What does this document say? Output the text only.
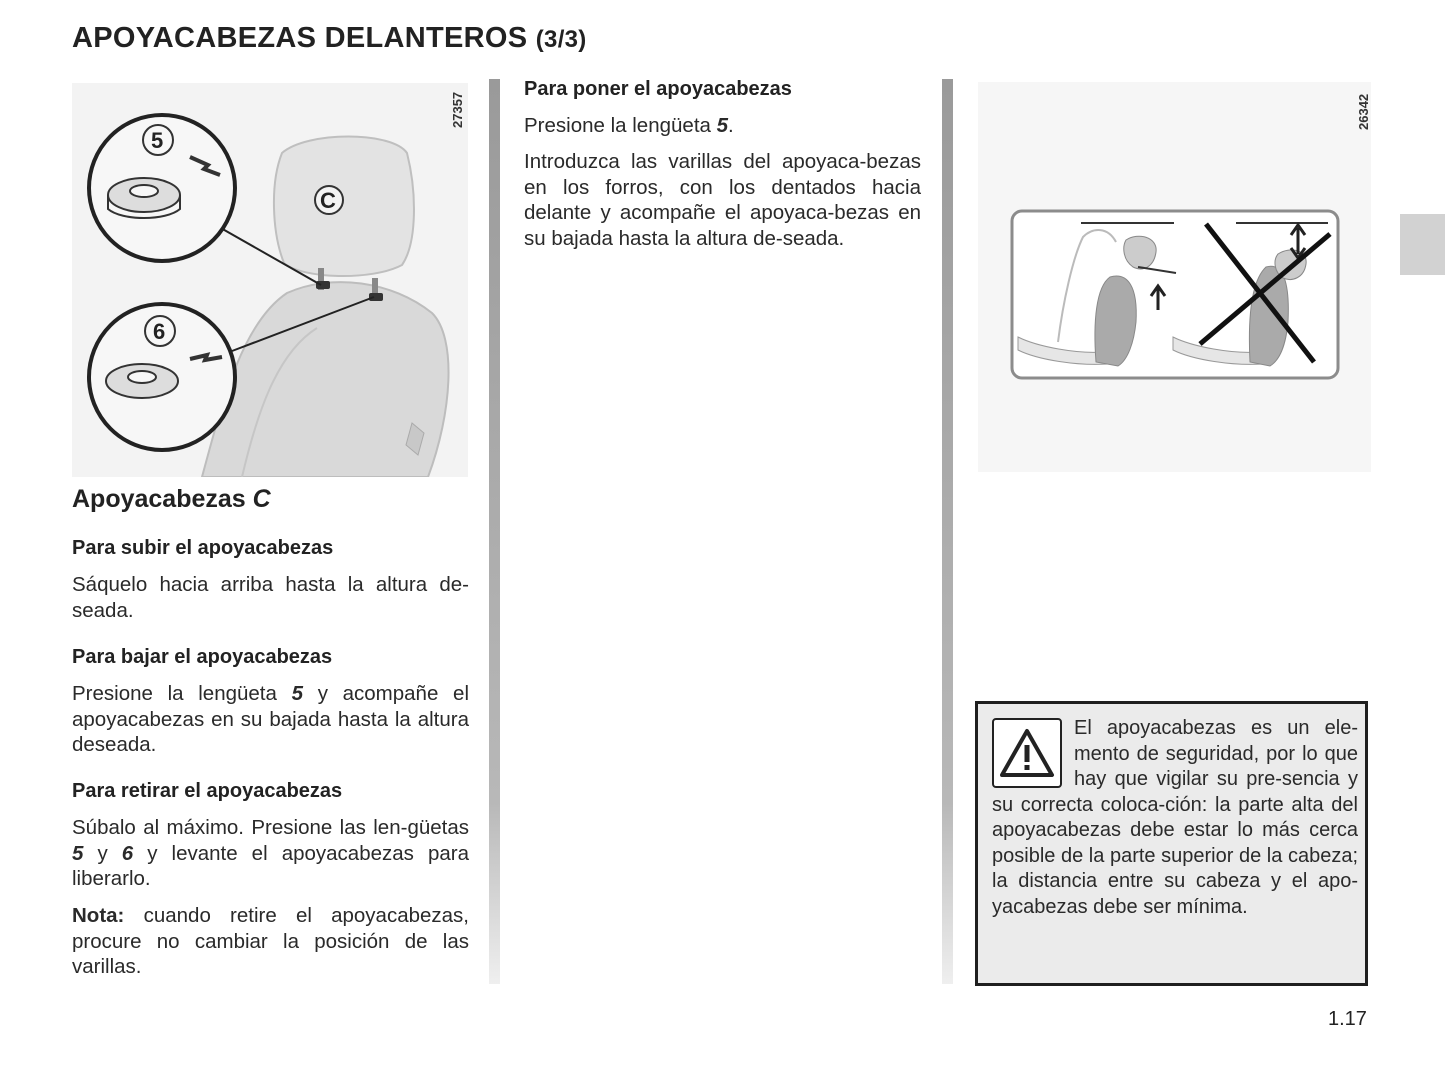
APOYACABEZAS DELANTEROS (3/3)
C
5
6
27357
Apoyacabezas C
Para subir el apoyacabezas
Sáquelo hacia arriba hasta la altura de-seada.
Para bajar el apoyacabezas
Presione la lengüeta 5 y acompañe el apoyacabezas en su bajada hasta la altura deseada.
Para retirar el apoyacabezas
Súbalo al máximo. Presione las len-güetas 5 y 6 y levante el apoyacabezas para liberarlo.
Nota: cuando retire el apoyacabezas, procure no cambiar la posición de las varillas.
Para poner el apoyacabezas
Presione la lengüeta 5.
Introduzca las varillas del apoyaca-bezas en los forros, con los dentados hacia delante y acompañe el apoyaca-bezas en su bajada hasta la altura de-seada.
26342
El apoyacabezas es un ele-mento de seguridad, por lo que hay que vigilar su pre-sencia y su correcta coloca-ción: la parte alta del apoyacabezas debe estar lo más cerca posible de la parte superior de la cabeza; la distancia entre su cabeza y el apo-yacabezas debe ser mínima.
1.17
